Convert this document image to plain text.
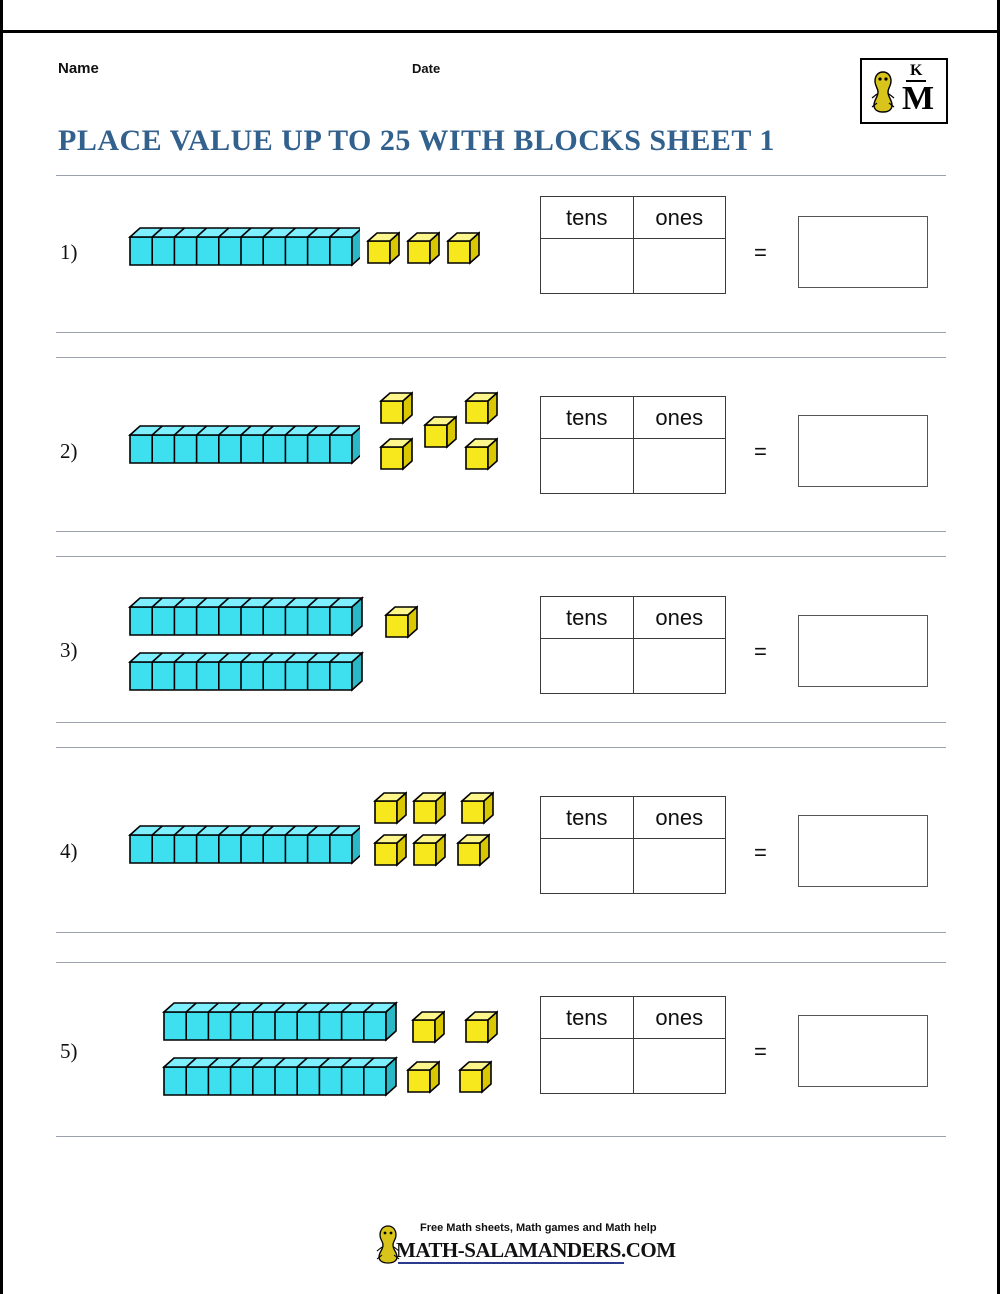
Name	Date	K
M
PLACE VALUE UP TO 25 WITH BLOCKS SHEET 1
1)
tens	ones
=
2)
tens	ones
=
3)
tens	ones
=
4)
tens	ones
=
5)
tens	ones
=
Free Math sheets, Math games and Math help
MATH-SALAMANDERS.COM
